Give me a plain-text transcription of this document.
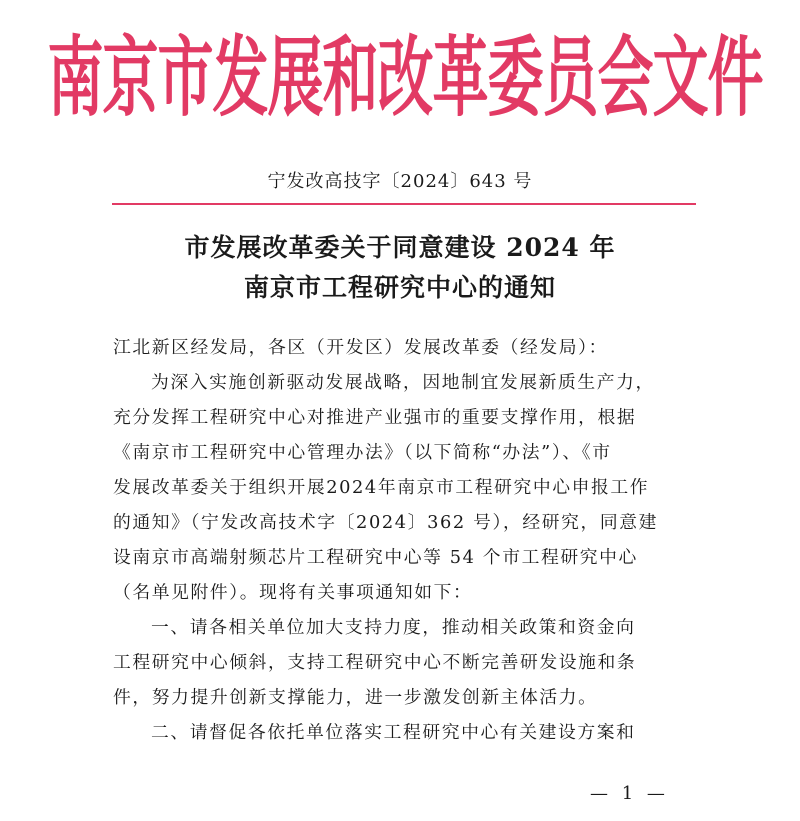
南京市发展和改革委员会文件
宁发改高技字〔2024〕643 号
市发展改革委关于同意建设 2024 年
南京市工程研究中心的通知
江北新区经发局，各区（开发区）发展改革委（经发局）：
为深入实施创新驱动发展战略，因地制宜发展新质生产力，
充分发挥工程研究中心对推进产业强市的重要支撑作用，根据
《南京市工程研究中心管理办法》（以下简称“办法”）、《市
发展改革委关于组织开展2024年南京市工程研究中心申报工作
的通知》（宁发改高技术字〔2024〕362 号），经研究，同意建
设南京市高端射频芯片工程研究中心等 54 个市工程研究中心
（名单见附件）。现将有关事项通知如下：
一、请各相关单位加大支持力度，推动相关政策和资金向
工程研究中心倾斜，支持工程研究中心不断完善研发设施和条
件，努力提升创新支撑能力，进一步激发创新主体活力。
二、请督促各依托单位落实工程研究中心有关建设方案和
— 1 —
